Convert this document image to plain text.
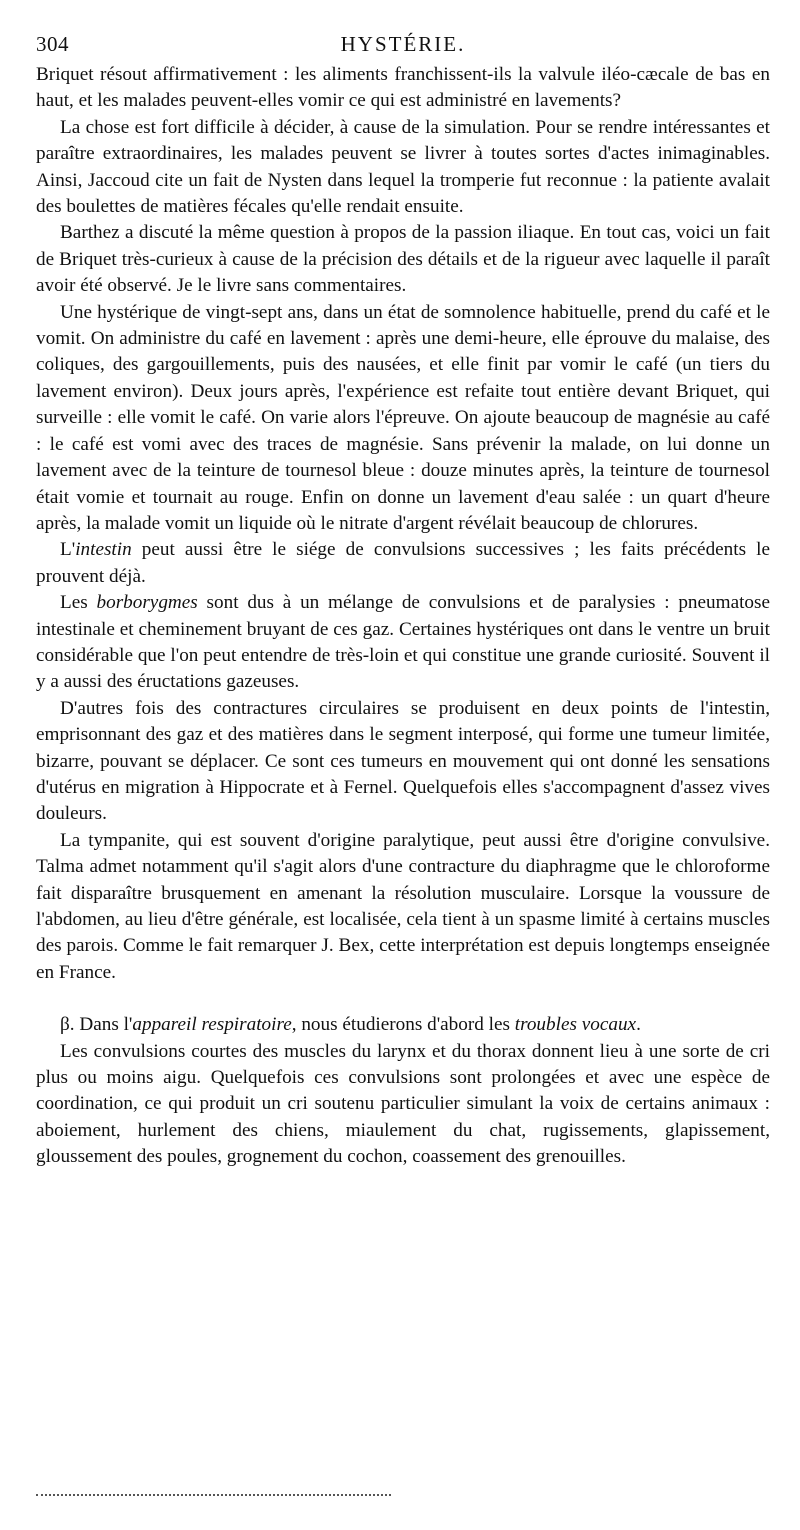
304	HYSTÉRIE.

Briquet résout affirmativement : les aliments franchissent-ils la valvule iléo-cæcale de bas en haut, et les malades peuvent-elles vomir ce qui est administré en lavements?

La chose est fort difficile à décider, à cause de la simulation. Pour se rendre intéressantes et paraître extraordinaires, les malades peuvent se livrer à toutes sortes d'actes inimaginables. Ainsi, Jaccoud cite un fait de Nysten dans lequel la tromperie fut reconnue : la patiente avalait des boulettes de matières fécales qu'elle rendait ensuite.

Barthez a discuté la même question à propos de la passion iliaque. En tout cas, voici un fait de Briquet très-curieux à cause de la précision des détails et de la rigueur avec laquelle il paraît avoir été observé. Je le livre sans commentaires.

Une hystérique de vingt-sept ans, dans un état de somnolence habituelle, prend du café et le vomit. On administre du café en lavement : après une demi-heure, elle éprouve du malaise, des coliques, des gargouillements, puis des nausées, et elle finit par vomir le café (un tiers du lavement environ). Deux jours après, l'expérience est refaite tout entière devant Briquet, qui surveille : elle vomit le café. On varie alors l'épreuve. On ajoute beaucoup de magnésie au café : le café est vomi avec des traces de magnésie. Sans prévenir la malade, on lui donne un lavement avec de la teinture de tournesol bleue : douze minutes après, la teinture de tournesol était vomie et tournait au rouge. Enfin on donne un lavement d'eau salée : un quart d'heure après, la malade vomit un liquide où le nitrate d'argent révélait beaucoup de chlorures.

L'intestin peut aussi être le siége de convulsions successives ; les faits précédents le prouvent déjà.

Les borborygmes sont dus à un mélange de convulsions et de paralysies : pneumatose intestinale et cheminement bruyant de ces gaz. Certaines hystériques ont dans le ventre un bruit considérable que l'on peut entendre de très-loin et qui constitue une grande curiosité. Souvent il y a aussi des éructations gazeuses.

D'autres fois des contractures circulaires se produisent en deux points de l'intestin, emprisonnant des gaz et des matières dans le segment interposé, qui forme une tumeur limitée, bizarre, pouvant se déplacer. Ce sont ces tumeurs en mouvement qui ont donné les sensations d'utérus en migration à Hippocrate et à Fernel. Quelquefois elles s'accompagnent d'assez vives douleurs.

La tympanite, qui est souvent d'origine paralytique, peut aussi être d'origine convulsive. Talma admet notamment qu'il s'agit alors d'une contracture du diaphragme que le chloroforme fait disparaître brusquement en amenant la résolution musculaire. Lorsque la voussure de l'abdomen, au lieu d'être générale, est localisée, cela tient à un spasme limité à certains muscles des parois. Comme le fait remarquer J. Bex, cette interprétation est depuis longtemps enseignée en France.

β. Dans l'appareil respiratoire, nous étudierons d'abord les troubles vocaux.

Les convulsions courtes des muscles du larynx et du thorax donnent lieu à une sorte de cri plus ou moins aigu. Quelquefois ces convulsions sont prolongées et avec une espèce de coordination, ce qui produit un cri soutenu particulier simulant la voix de certains animaux : aboiement, hurlement des chiens, miaulement du chat, rugissements, glapissement, gloussement des poules, grognement du cochon, coassement des grenouilles.
